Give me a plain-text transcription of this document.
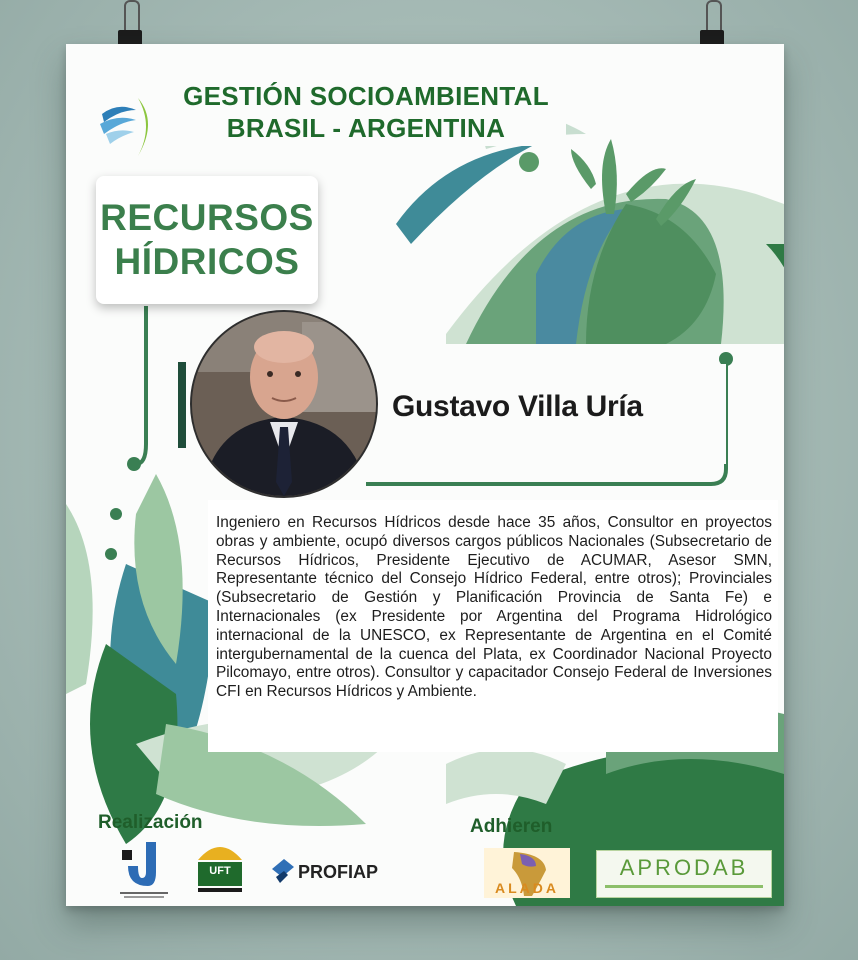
GESTIÓN SOCIOAMBIENTAL
BRASIL - ARGENTINA
RECURSOS
HÍDRICOS
Gustavo Villa Uría
Ingeniero en Recursos Hídricos desde hace 35 años, Consultor en proyectos obras y ambiente, ocupó diversos cargos públicos Nacionales (Subsecretario de Recursos Hídricos, Presidente Ejecutivo de ACUMAR, Asesor SMN, Representante técnico del Consejo Hídrico Federal, entre otros); Provinciales (Subsecretario de Gestión y Planificación Provincia de Santa Fe) e Internacionales (ex Presidente por Argentina del Programa Hidrológico internacional de la UNESCO, ex Representante de Argentina en el Comité intergubernamental de la cuenca del Plata, ex Coordinador Nacional Proyecto Pilcomayo, entre otros). Consultor y capacitador Consejo Federal de Inversiones CFI en Recursos Hídricos y Ambiente.
Realización	Adhieren
UFT	PROFIAP
ALADA
APRODAB
